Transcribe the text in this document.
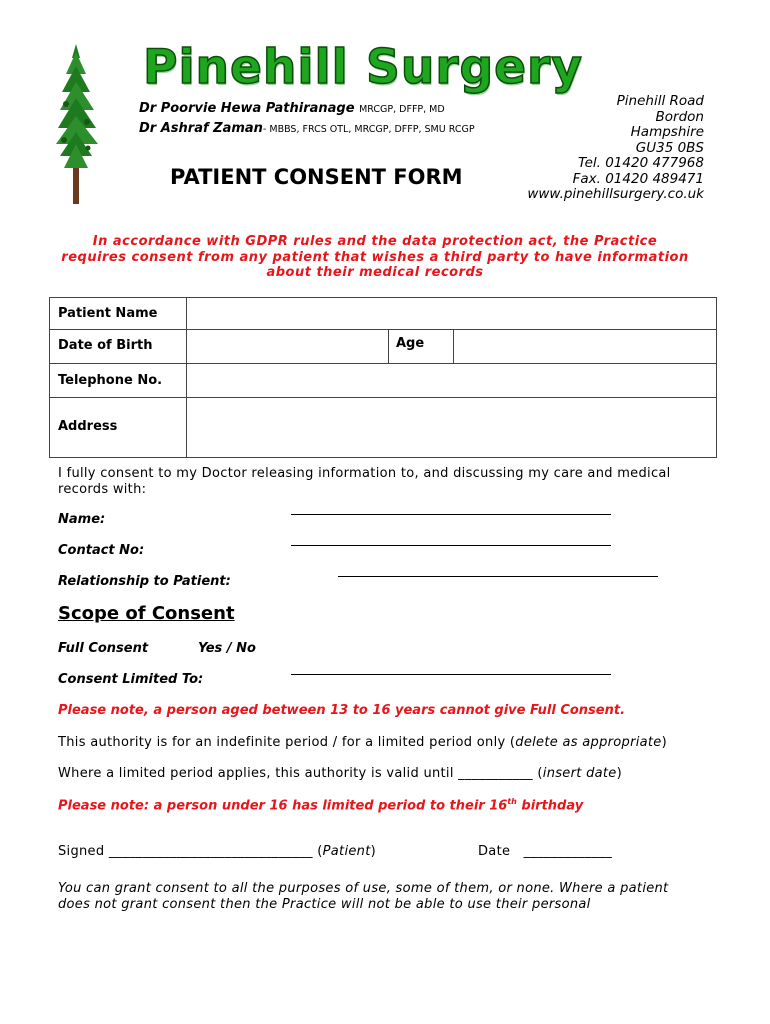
Pinehill Surgery
Dr Poorvie Hewa Pathiranage MRCGP, DFFP, MD
Dr Ashraf Zaman- MBBS, FRCS OTL, MRCGP, DFFP, SMU RCGP
Pinehill Road
Bordon
Hampshire
GU35 0BS
Tel. 01420 477968
Fax. 01420 489471
www.pinehillsurgery.co.uk
PATIENT CONSENT FORM
In accordance with GDPR rules and the data protection act, the Practice requires consent from any patient that wishes a third party to have information about their medical records
Patient Name
Date of Birth	Age
Telephone No.
Address
I fully consent to my Doctor releasing information to, and discussing my care and medical records with:
Name:
Contact No:
Relationship to Patient:
Scope of Consent
Full Consent	Yes / No
Consent Limited To:
Please note, a person aged between 13 to 16 years cannot give Full Consent.
This authority is for an indefinite period / for a limited period only (delete as appropriate)
Where a limited period applies, this authority is valid until ___________ (insert date)
Please note: a person under 16 has limited period to their 16th birthday
Signed ______________________________ (Patient)	Date _____________
You can grant consent to all the purposes of use, some of them, or none. Where a patient does not grant consent then the Practice will not be able to use their personal
